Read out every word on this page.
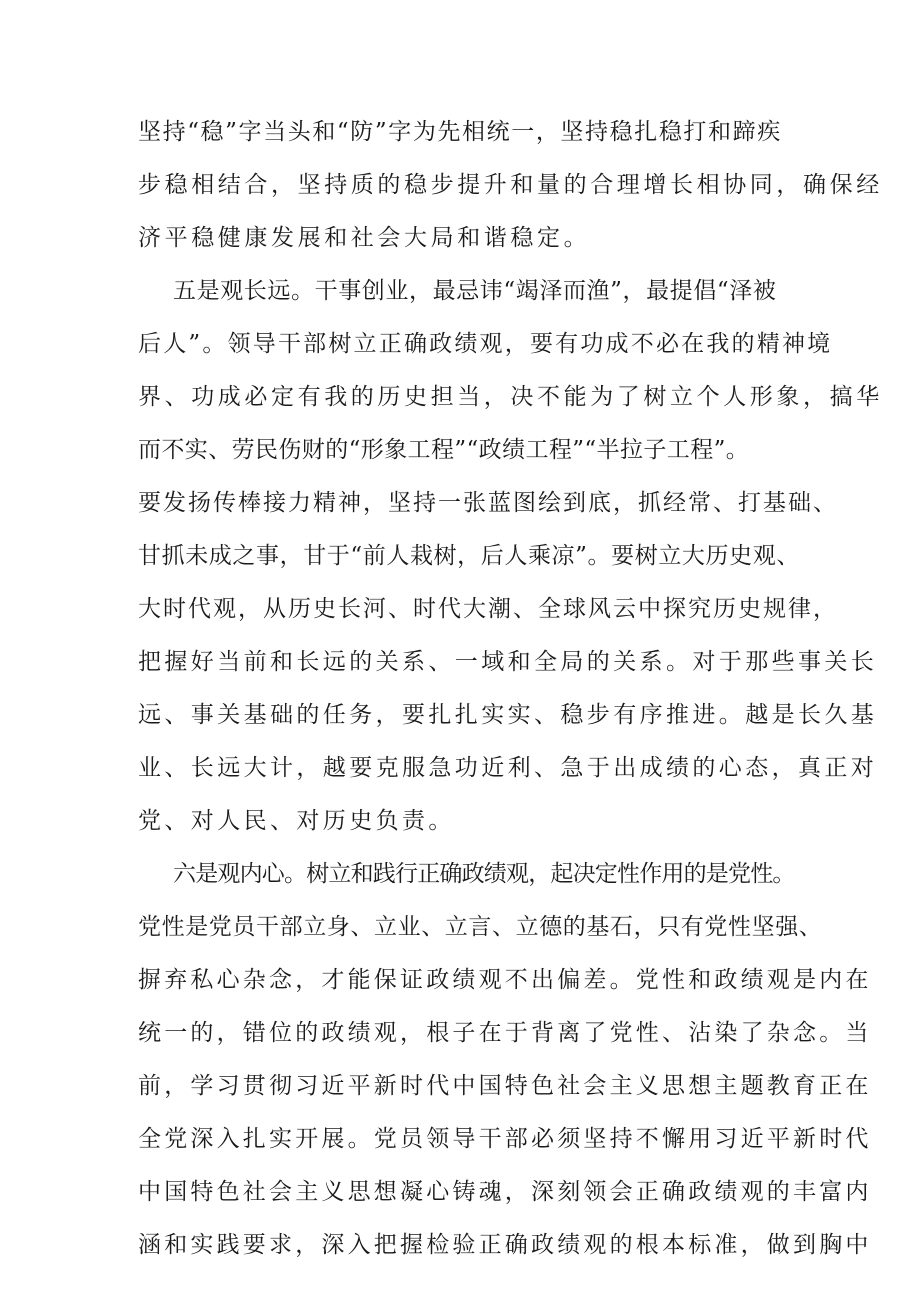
坚持“稳”字当头和“防”字为先相统一，坚持稳扎稳打和蹄疾
步稳相结合，坚持质的稳步提升和量的合理增长相协同，确保经
济平稳健康发展和社会大局和谐稳定。
五是观长远。干事创业，最忌讳“竭泽而渔”，最提倡“泽被
后人”。领导干部树立正确政绩观，要有功成不必在我的精神境
界、功成必定有我的历史担当，决不能为了树立个人形象，搞华
而不实、劳民伤财的“形象工程”“政绩工程”“半拉子工程”。
要发扬传棒接力精神，坚持一张蓝图绘到底，抓经常、打基础、
甘抓未成之事，甘于“前人栽树，后人乘凉”。要树立大历史观、
大时代观，从历史长河、时代大潮、全球风云中探究历史规律，
把握好当前和长远的关系、一域和全局的关系。对于那些事关长
远、事关基础的任务，要扎扎实实、稳步有序推进。越是长久基
业、长远大计，越要克服急功近利、急于出成绩的心态，真正对
党、对人民、对历史负责。
六是观内心。树立和践行正确政绩观，起决定性作用的是党性。
党性是党员干部立身、立业、立言、立德的基石，只有党性坚强、
摒弃私心杂念，才能保证政绩观不出偏差。党性和政绩观是内在
统一的，错位的政绩观，根子在于背离了党性、沾染了杂念。当
前，学习贯彻习近平新时代中国特色社会主义思想主题教育正在
全党深入扎实开展。党员领导干部必须坚持不懈用习近平新时代
中国特色社会主义思想凝心铸魂，深刻领会正确政绩观的丰富内
涵和实践要求，深入把握检验正确政绩观的根本标准，做到胸中
